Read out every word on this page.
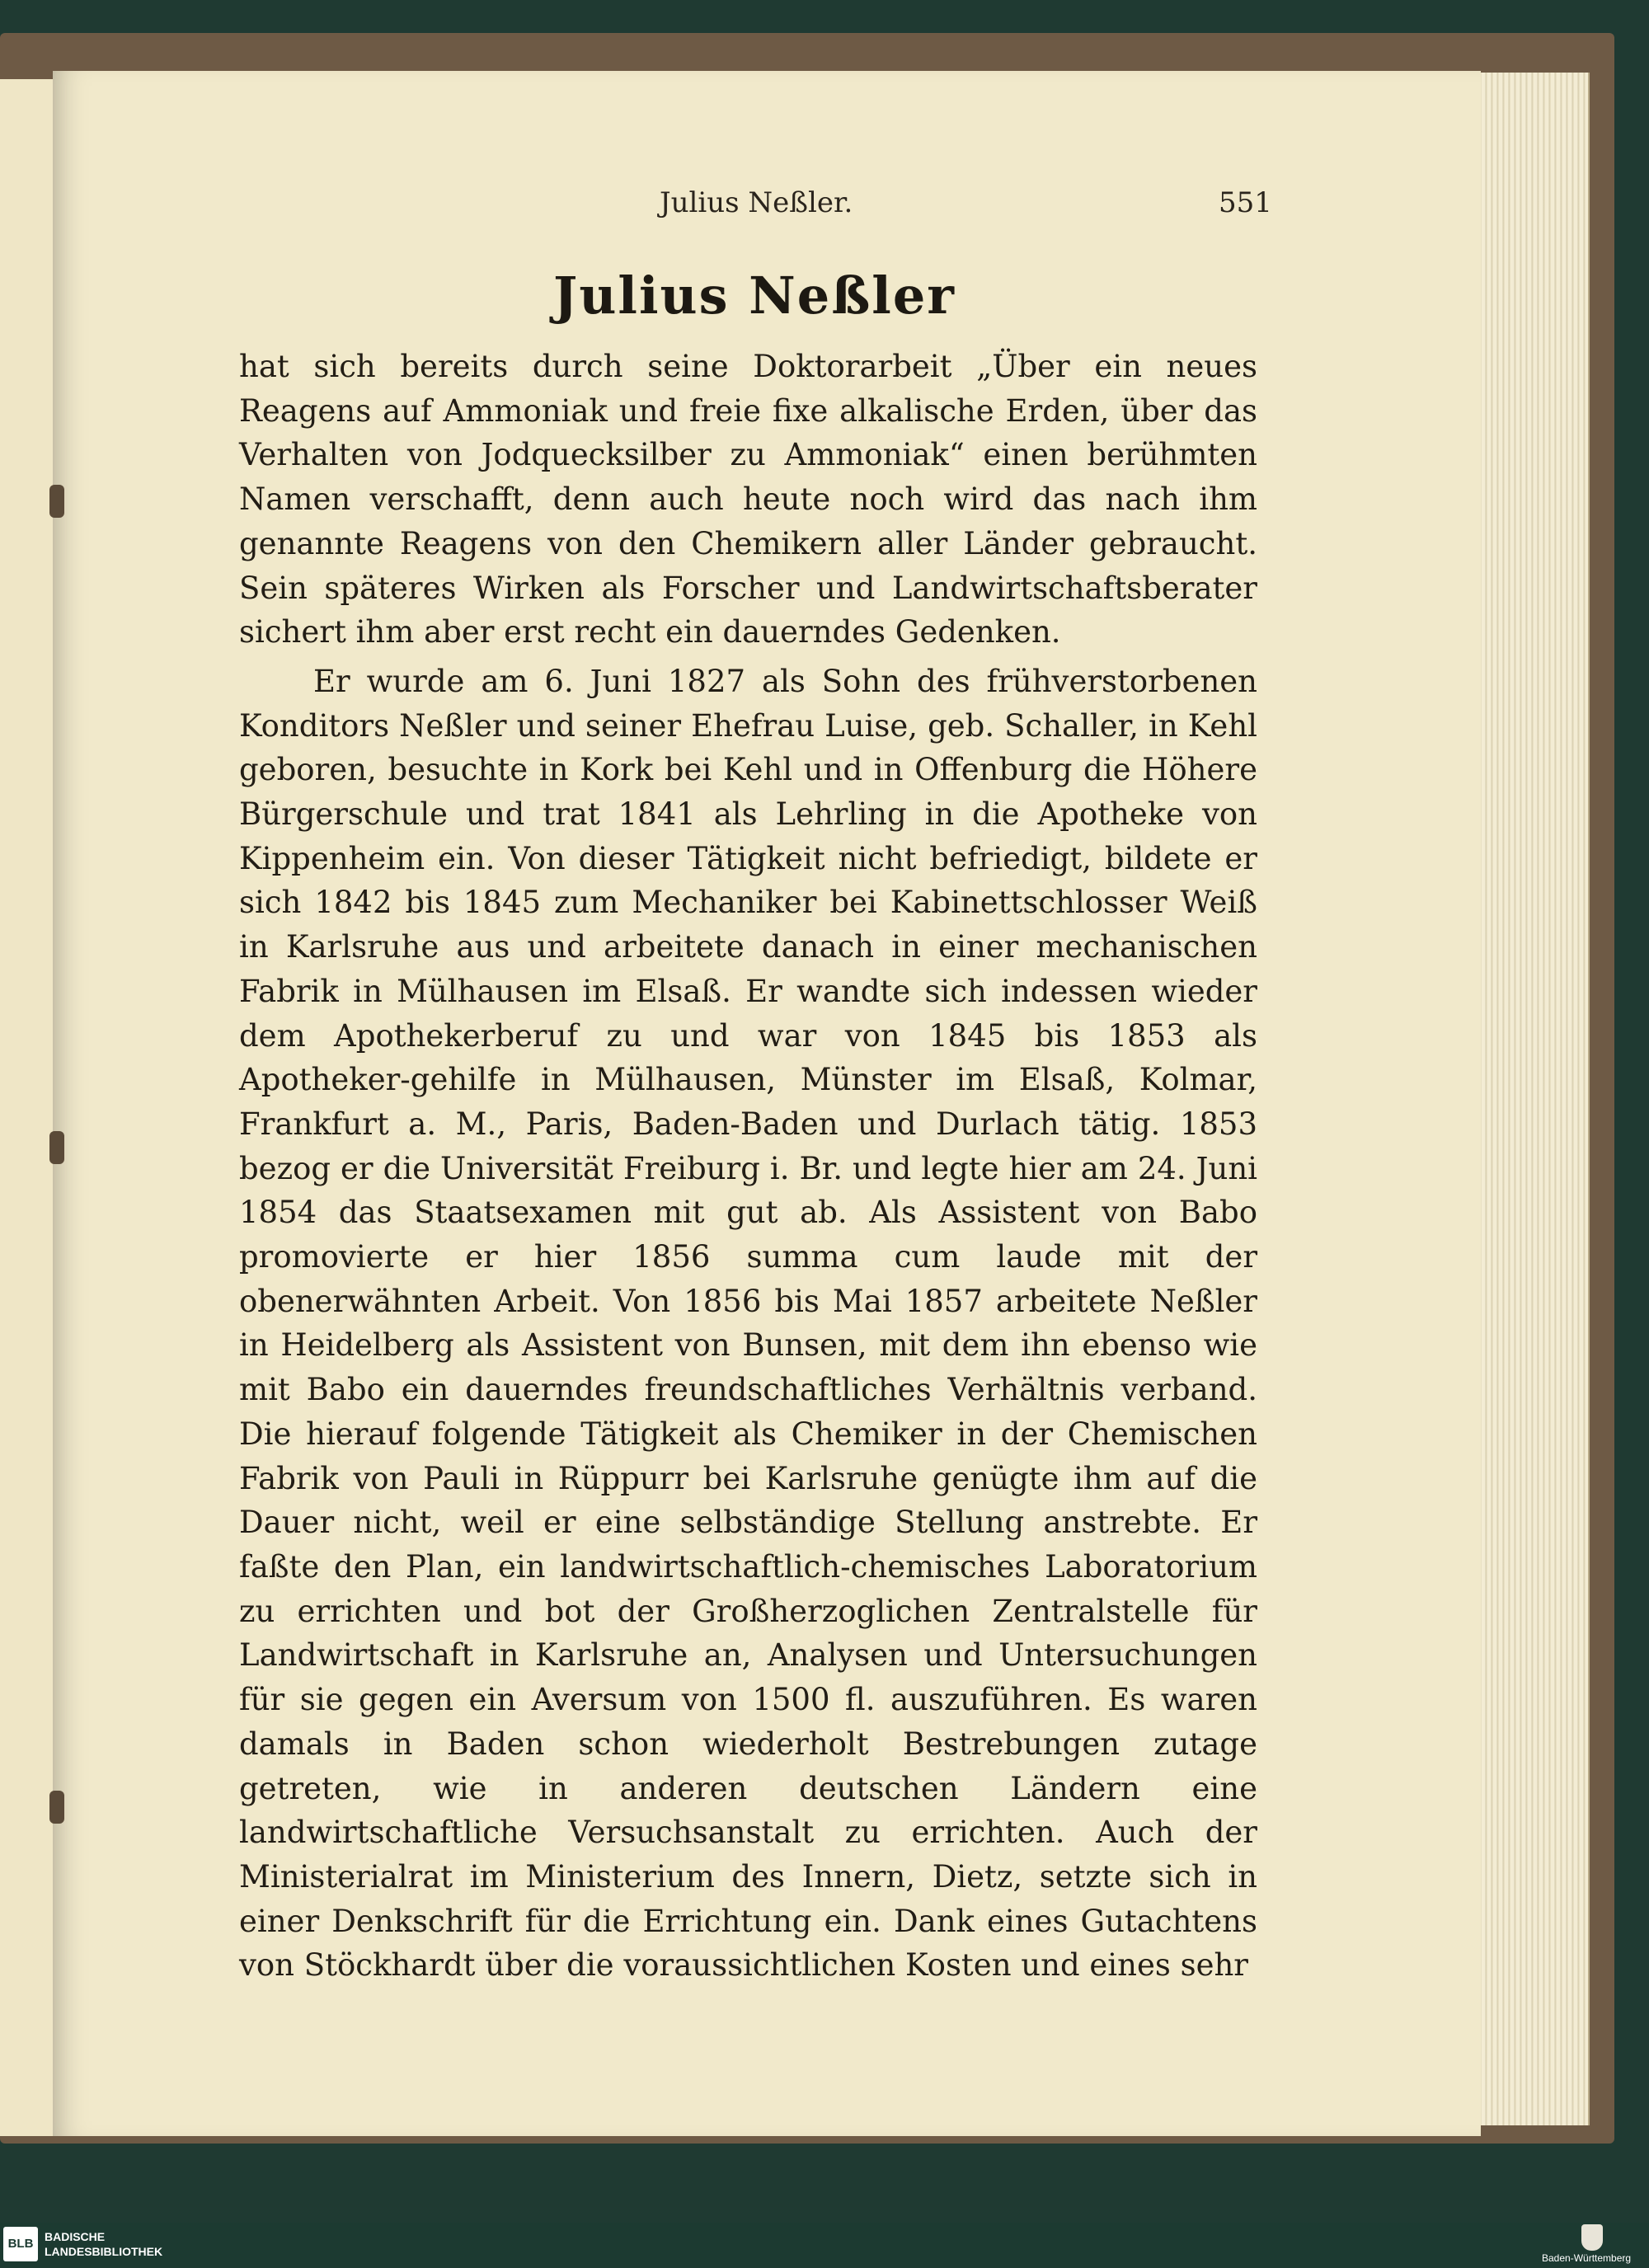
Julius Neßler.	551
Julius Neßler

hat sich bereits durch seine Doktorarbeit „Über ein neues Reagens auf Ammoniak und freie fixe alkalische Erden, über das Verhalten von Jodquecksilber zu Ammoniak“ einen berühmten Namen verschafft, denn auch heute noch wird das nach ihm genannte Reagens von den Chemikern aller Länder gebraucht. Sein späteres Wirken als Forscher und Landwirtschaftsberater sichert ihm aber erst recht ein dauerndes Gedenken.

Er wurde am 6. Juni 1827 als Sohn des frühverstorbenen Konditors Neßler und seiner Ehefrau Luise, geb. Schaller, in Kehl geboren, besuchte in Kork bei Kehl und in Offenburg die Höhere Bürgerschule und trat 1841 als Lehrling in die Apotheke von Kippenheim ein. Von dieser Tätigkeit nicht befriedigt, bildete er sich 1842 bis 1845 zum Mechaniker bei Kabinettschlosser Weiß in Karlsruhe aus und arbeitete danach in einer mechanischen Fabrik in Mülhausen im Elsaß. Er wandte sich indessen wieder dem Apothekerberuf zu und war von 1845 bis 1853 als Apotheker-gehilfe in Mülhausen, Münster im Elsaß, Kolmar, Frankfurt a. M., Paris, Baden-Baden und Durlach tätig. 1853 bezog er die Universität Freiburg i. Br. und legte hier am 24. Juni 1854 das Staatsexamen mit gut ab. Als Assistent von Babo promovierte er hier 1856 summa cum laude mit der obenerwähnten Arbeit. Von 1856 bis Mai 1857 arbeitete Neßler in Heidelberg als Assistent von Bunsen, mit dem ihn ebenso wie mit Babo ein dauerndes freundschaftliches Verhältnis verband. Die hierauf folgende Tätigkeit als Chemiker in der Chemischen Fabrik von Pauli in Rüppurr bei Karlsruhe genügte ihm auf die Dauer nicht, weil er eine selbständige Stellung anstrebte. Er faßte den Plan, ein landwirtschaftlich-chemisches Laboratorium zu errichten und bot der Großherzoglichen Zentralstelle für Landwirtschaft in Karlsruhe an, Analysen und Untersuchungen für sie gegen ein Aversum von 1500 fl. auszuführen. Es waren damals in Baden schon wiederholt Bestrebungen zutage getreten, wie in anderen deutschen Ländern eine landwirtschaftliche Versuchsanstalt zu errichten. Auch der Ministerialrat im Ministerium des Innern, Dietz, setzte sich in einer Denkschrift für die Errichtung ein. Dank eines Gutachtens von Stöckhardt über die voraussichtlichen Kosten und eines sehr

BLB BADISCHE
LANDESBIBLIOTHEK	Baden-Württemberg
